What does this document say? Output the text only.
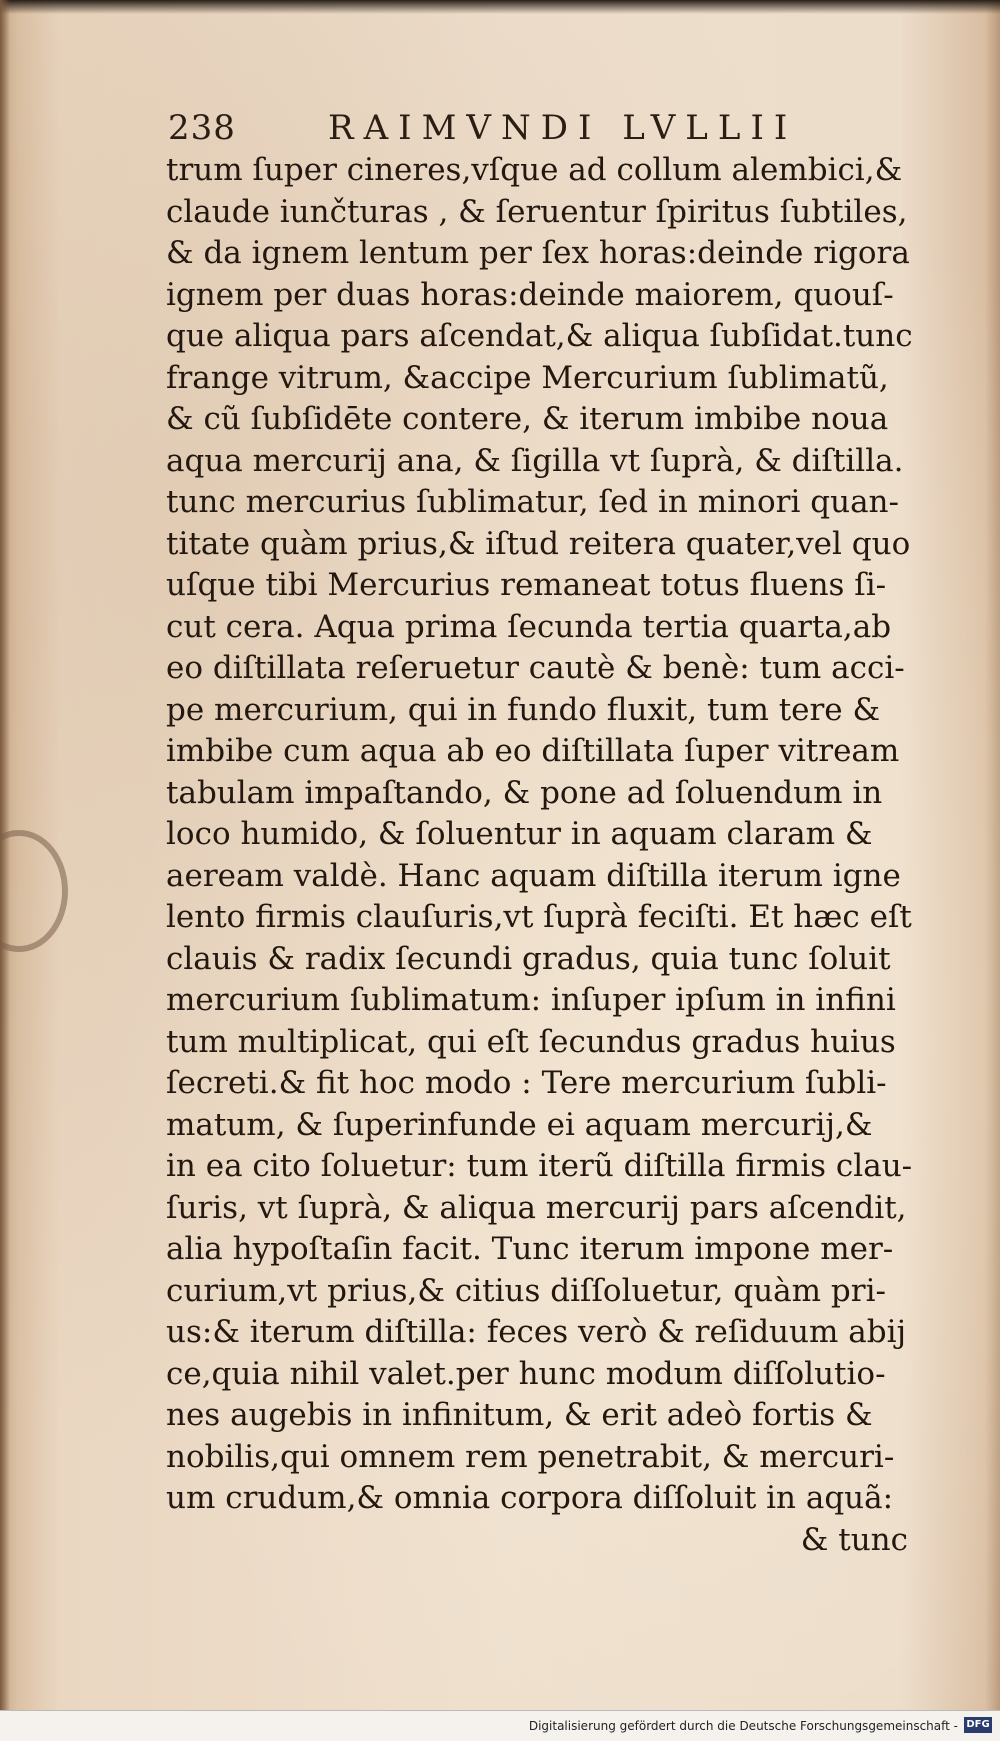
238	RAIMVNDI LVLLII
trum ſuper cineres,vſque ad collum alembici,&
claude iunčturas , & ſeruentur ſpiritus ſubtiles,
& da ignem lentum per ſex horas:deinde rigora
ignem per duas horas:deinde maiorem, quouſ-
que aliqua pars aſcendat,& aliqua ſubſidat.tunc
frange vitrum, &accipe Mercurium ſublimatũ,
& cũ ſubſidēte contere, & iterum imbibe noua
aqua mercurij ana, & ſigilla vt ſuprà, & diſtilla.
tunc mercurius ſublimatur, ſed in minori quan-
titate quàm prius,& iſtud reitera quater,vel quo
uſque tibi Mercurius remaneat totus fluens ſi-
cut cera. Aqua prima ſecunda tertia quarta,ab
eo diſtillata reſeruetur cautè & benè: tum acci-
pe mercurium, qui in fundo fluxit, tum tere &
imbibe cum aqua ab eo diſtillata ſuper vitream
tabulam impaſtando, & pone ad ſoluendum in
loco humido, & ſoluentur in aquam claram &
aeream valdè. Hanc aquam diſtilla iterum igne
lento firmis clauſuris,vt ſuprà feciſti. Et hæc eſt
clauis & radix ſecundi gradus, quia tunc ſoluit
mercurium ſublimatum: inſuper ipſum in infini
tum multiplicat, qui eſt ſecundus gradus huius
ſecreti.& fit hoc modo : Tere mercurium ſubli-
matum, & ſuperinfunde ei aquam mercurij,&
in ea cito ſoluetur: tum iterũ diſtilla firmis clau-
ſuris, vt ſuprà, & aliqua mercurij pars aſcendit,
alia hypoſtaſin facit. Tunc iterum impone mer-
curium,vt prius,& citius diſſoluetur, quàm pri-
us:& iterum diſtilla: feces verò & reſiduum abij
ce,quia nihil valet.per hunc modum diſſolutio-
nes augebis in infinitum, & erit adeò fortis &
nobilis,qui omnem rem penetrabit, & mercuri-
um crudum,& omnia corpora diſſoluit in aquã:
& tunc
Digitalisierung gefördert durch die Deutsche Forschungsgemeinschaft - DFG
